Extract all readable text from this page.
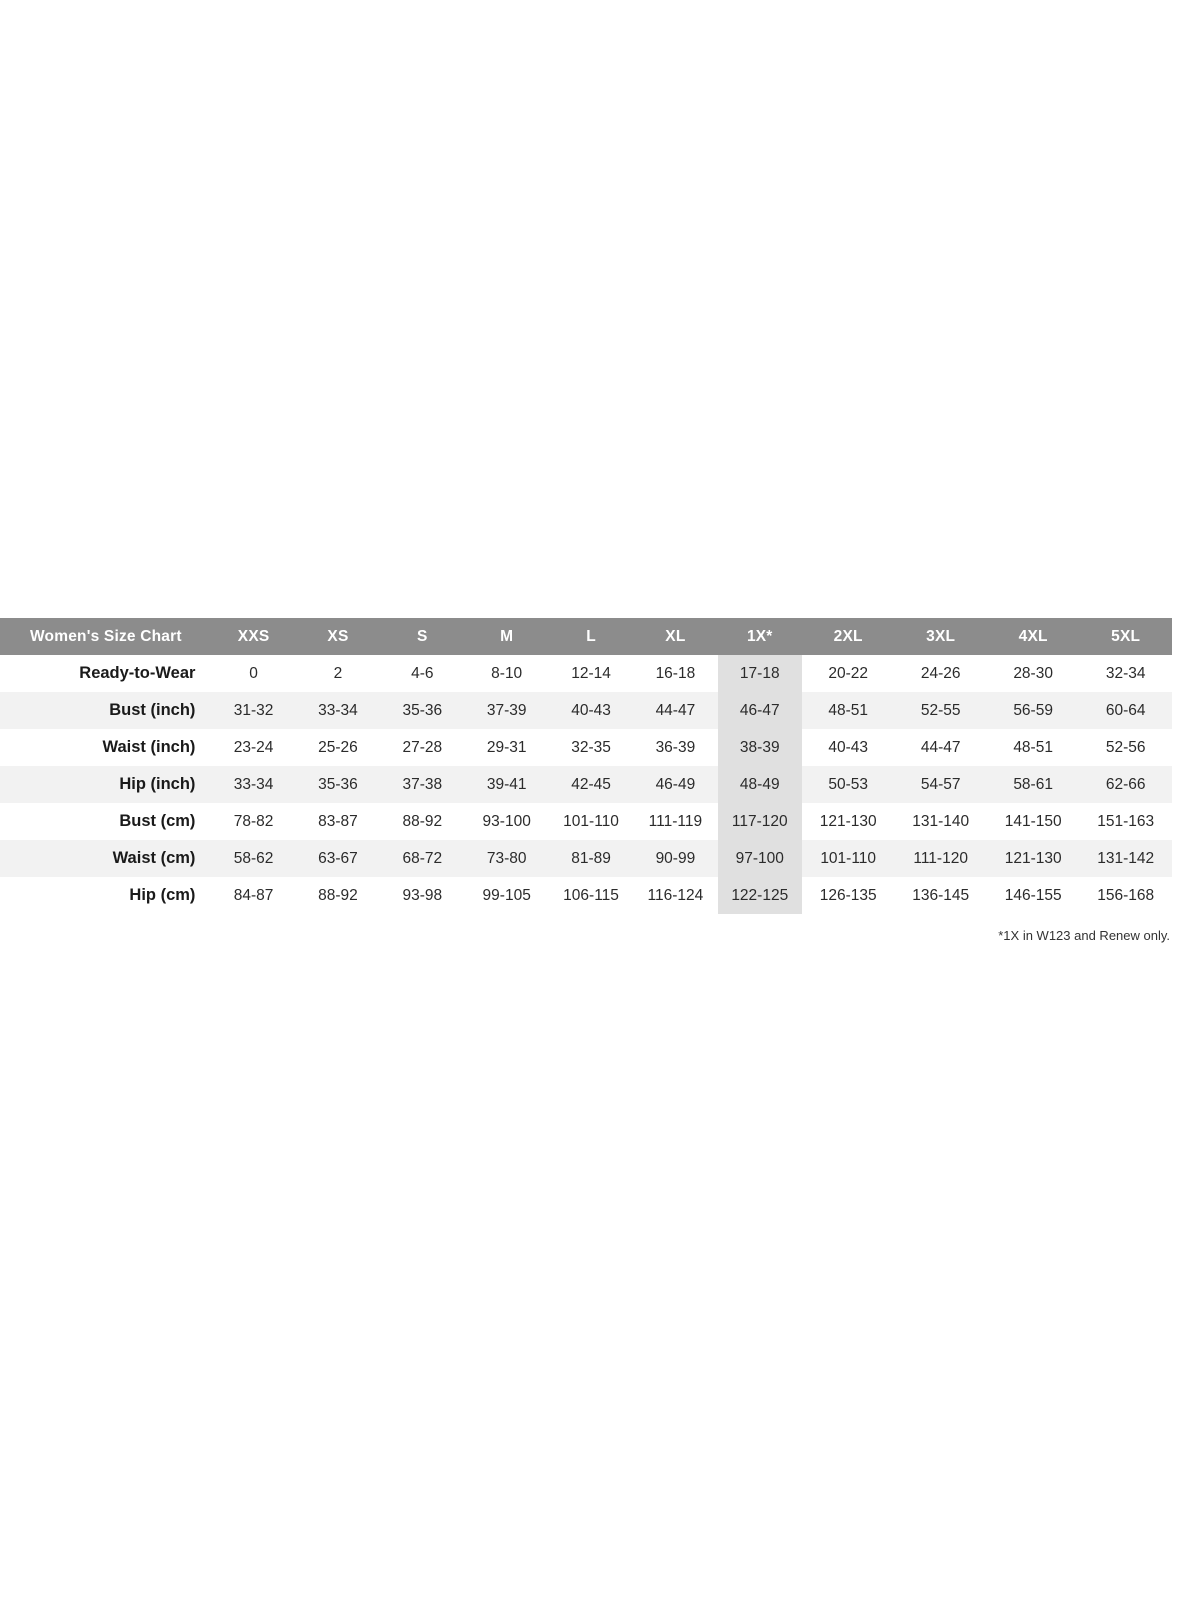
Women's Size Chart	XXS	XS	S	M	L	XL	1X*	2XL	3XL	4XL	5XL
Ready-to-Wear	0	2	4-6	8-10	12-14	16-18	17-18	20-22	24-26	28-30	32-34
Bust (inch)	31-32	33-34	35-36	37-39	40-43	44-47	46-47	48-51	52-55	56-59	60-64
Waist (inch)	23-24	25-26	27-28	29-31	32-35	36-39	38-39	40-43	44-47	48-51	52-56
Hip (inch)	33-34	35-36	37-38	39-41	42-45	46-49	48-49	50-53	54-57	58-61	62-66
Bust (cm)	78-82	83-87	88-92	93-100	101-110	111-119	117-120	121-130	131-140	141-150	151-163
Waist (cm)	58-62	63-67	68-72	73-80	81-89	90-99	97-100	101-110	111-120	121-130	131-142
Hip (cm)	84-87	88-92	93-98	99-105	106-115	116-124	122-125	126-135	136-145	146-155	156-168
*1X in W123 and Renew only.
